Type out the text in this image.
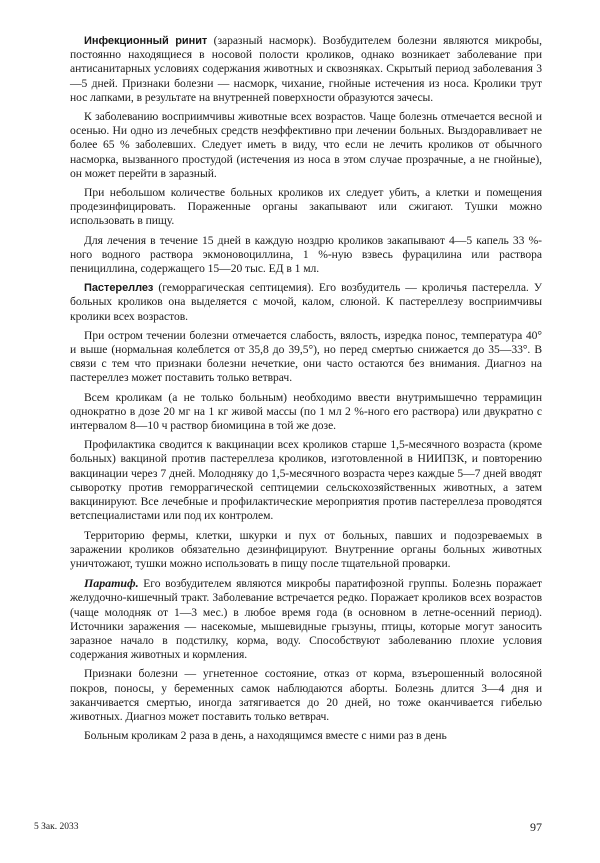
Инфекционный ринит (заразный насморк). Возбудителем болезни являются микробы, постоянно находящиеся в носовой полости кроликов, однако возникает заболевание при антисанитарных условиях содержания животных и сквозняках. Скрытый период заболевания 3—5 дней. Признаки болезни — насморк, чихание, гнойные истечения из носа. Кролики трут нос лапками, в результате на внутренней поверхности образуются зачесы.

К заболеванию восприимчивы животные всех возрастов. Чаще болезнь отмечается весной и осенью. Ни одно из лечебных средств неэффективно при лечении больных. Выздоравливает не более 65 % заболевших. Следует иметь в виду, что если не лечить кроликов от обычного насморка, вызванного простудой (истечения из носа в этом случае прозрачные, а не гнойные), он может перейти в заразный.

При небольшом количестве больных кроликов их следует убить, а клетки и помещения продезинфицировать. Пораженные органы закапывают или сжигают. Тушки можно использовать в пищу.

Для лечения в течение 15 дней в каждую ноздрю кроликов закапывают 4—5 капель 33 %-ного водного раствора экмоновоциллина, 1 %-ную взвесь фурацилина или раствора пенициллина, содержащего 15—20 тыс. ЕД в 1 мл.

Пастереллез (геморрагическая септицемия). Его возбудитель — кроличья пастерелла. У больных кроликов она выделяется с мочой, калом, слюной. К пастереллезу восприимчивы кролики всех возрастов.

При остром течении болезни отмечается слабость, вялость, изредка понос, температура 40° и выше (нормальная колеблется от 35,8 до 39,5°), но перед смертью снижается до 35—33°. В связи с тем что признаки болезни нечеткие, они часто остаются без внимания. Диагноз на пастереллез может поставить только ветврач.

Всем кроликам (а не только больным) необходимо ввести внутримышечно террамицин однократно в дозе 20 мг на 1 кг живой массы (по 1 мл 2 %-ного его раствора) или двукратно с интервалом 8—10 ч раствор биомицина в той же дозе.

Профилактика сводится к вакцинации всех кроликов старше 1,5-месячного возраста (кроме больных) вакциной против пастереллеза кроликов, изготовленной в НИИПЗК, и повторению вакцинации через 7 дней. Молодняку до 1,5-месячного возраста через каждые 5—7 дней вводят сыворотку против геморрагической септицемии сельскохозяйственных животных, а затем вакцинируют. Все лечебные и профилактические мероприятия против пастереллеза проводятся ветспециалистами или под их контролем.

Территорию фермы, клетки, шкурки и пух от больных, павших и подозреваемых в заражении кроликов обязательно дезинфицируют. Внутренние органы больных животных уничтожают, тушки можно использовать в пищу после тщательной проварки.

Паратиф. Его возбудителем являются микробы паратифозной группы. Болезнь поражает желудочно-кишечный тракт. Заболевание встречается редко. Поражает кроликов всех возрастов (чаще молодняк от 1—3 мес.) в любое время года (в основном в летне-осенний период). Источники заражения — насекомые, мышевидные грызуны, птицы, которые могут заносить заразное начало в подстилку, корма, воду. Способствуют заболеванию плохие условия содержания животных и кормления.

Признаки болезни — угнетенное состояние, отказ от корма, взъерошенный волосяной покров, поносы, у беременных самок наблюдаются аборты. Болезнь длится 3—4 дня и заканчивается смертью, иногда затягивается до 20 дней, но тоже оканчивается гибелью животных. Диагноз может поставить только ветврач.

Больным кроликам 2 раза в день, а находящимся вместе с ними раз в день

5 Зак. 2033	97
